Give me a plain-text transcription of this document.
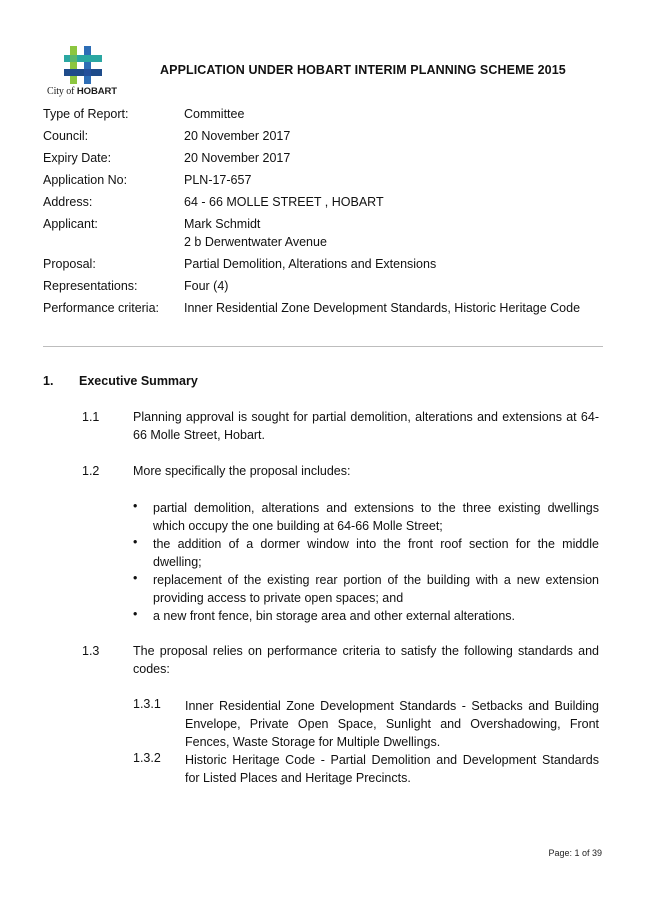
City of HOBART
APPLICATION UNDER HOBART INTERIM PLANNING SCHEME 2015
Type of Report:	Committee
Council:	20 November 2017
Expiry Date:	20 November 2017
Application No:	PLN-17-657
Address:	64 - 66 MOLLE STREET , HOBART
Applicant:	Mark Schmidt
2 b Derwentwater Avenue
Proposal:	Partial Demolition, Alterations and Extensions
Representations:	Four (4)
Performance criteria: Inner Residential Zone Development Standards, Historic Heritage Code
1. Executive Summary
1.1	Planning approval is sought for partial demolition, alterations and extensions at 64-66 Molle Street, Hobart.
1.2	More specifically the proposal includes:
• partial demolition, alterations and extensions to the three existing dwellings which occupy the one building at 64-66 Molle Street;
• the addition of a dormer window into the front roof section for the middle dwelling;
• replacement of the existing rear portion of the building with a new extension providing access to private open spaces; and
• a new front fence, bin storage area and other external alterations.
1.3	The proposal relies on performance criteria to satisfy the following standards and codes:
1.3.1 Inner Residential Zone Development Standards - Setbacks and Building Envelope, Private Open Space, Sunlight and Overshadowing, Front Fences, Waste Storage for Multiple Dwellings.
1.3.2 Historic Heritage Code - Partial Demolition and Development Standards for Listed Places and Heritage Precincts.
Page: 1 of 39
